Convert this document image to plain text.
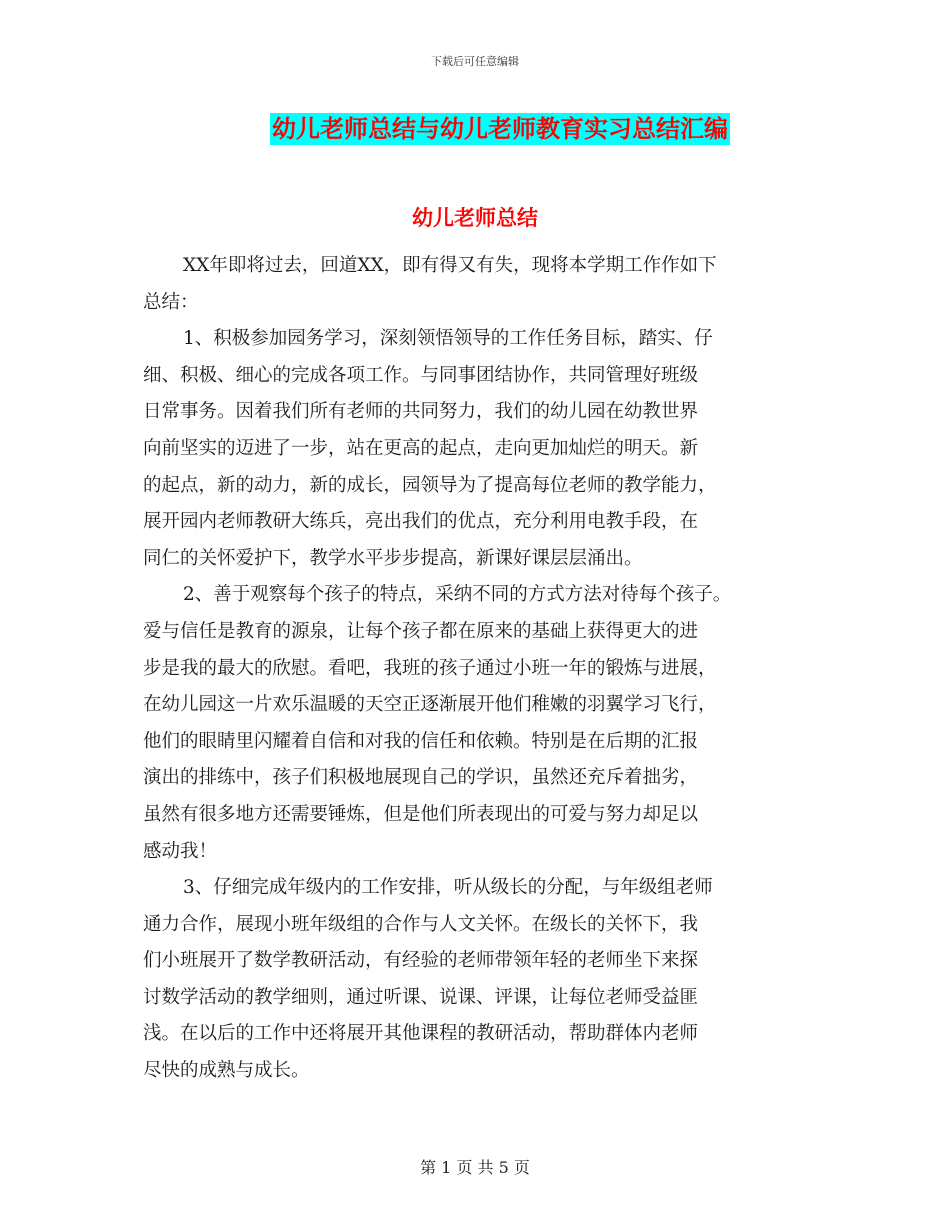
下载后可任意编辑
幼儿老师总结与幼儿老师教育实习总结汇编
幼儿老师总结

XX年即将过去，回道XX，即有得又有失，现将本学期工作作如下
总结：

1、积极参加园务学习，深刻领悟领导的工作任务目标，踏实、仔
细、积极、细心的完成各项工作。与同事团结协作，共同管理好班级
日常事务。因着我们所有老师的共同努力，我们的幼儿园在幼教世界
向前坚实的迈进了一步，站在更高的起点，走向更加灿烂的明天。新
的起点，新的动力，新的成长，园领导为了提高每位老师的教学能力，
展开园内老师教研大练兵，亮出我们的优点，充分利用电教手段，在
同仁的关怀爱护下，教学水平步步提高，新课好课层层涌出。

2、善于观察每个孩子的特点，采纳不同的方式方法对待每个孩子。
爱与信任是教育的源泉，让每个孩子都在原来的基础上获得更大的进
步是我的最大的欣慰。看吧，我班的孩子通过小班一年的锻炼与进展，
在幼儿园这一片欢乐温暖的天空正逐渐展开他们稚嫩的羽翼学习飞行，
他们的眼睛里闪耀着自信和对我的信任和依赖。特别是在后期的汇报
演出的排练中，孩子们积极地展现自己的学识，虽然还充斥着拙劣，
虽然有很多地方还需要锤炼，但是他们所表现出的可爱与努力却足以
感动我！

3、仔细完成年级内的工作安排，听从级长的分配，与年级组老师
通力合作，展现小班年级组的合作与人文关怀。在级长的关怀下，我
们小班展开了数学教研活动，有经验的老师带领年轻的老师坐下来探
讨数学活动的教学细则，通过听课、说课、评课，让每位老师受益匪
浅。在以后的工作中还将展开其他课程的教研活动，帮助群体内老师
尽快的成熟与成长。

第 1 页 共 5 页
